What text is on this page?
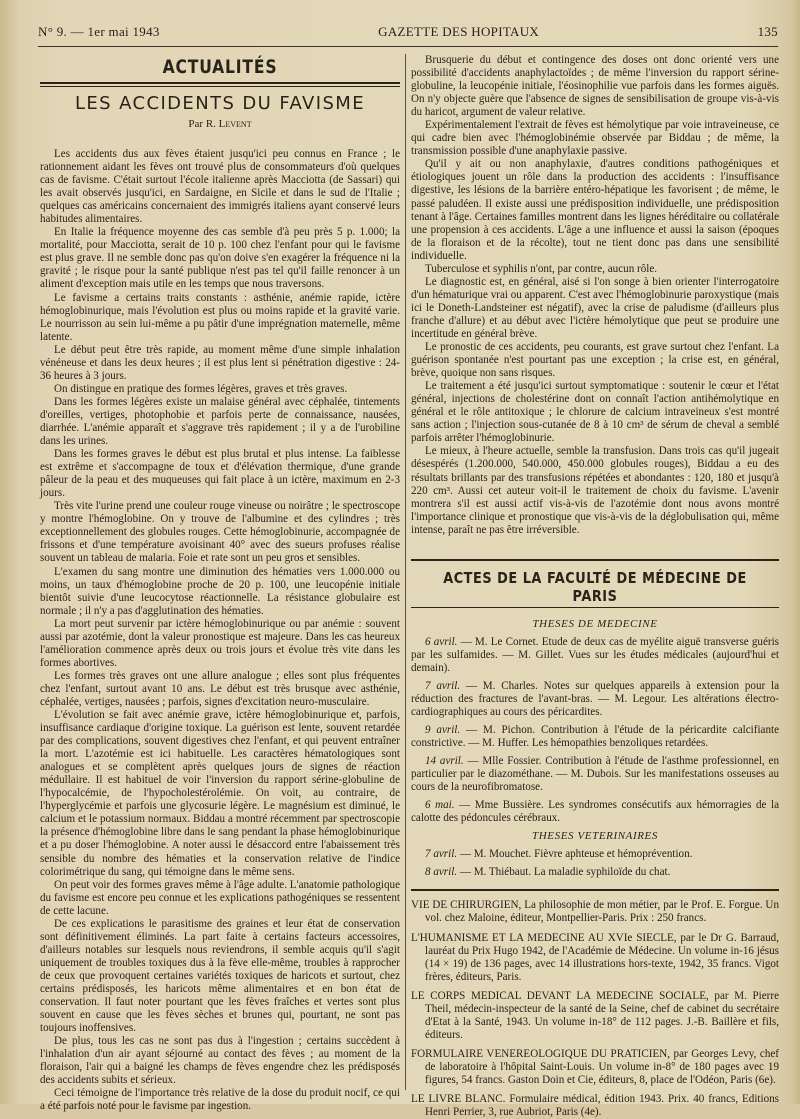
N° 9. — 1er mai 1943	GAZETTE DES HOPITAUX	135
ACTUALITÉS
LES ACCIDENTS DU FAVISME
Par R. Levent

Les accidents dus aux fèves étaient jusqu'ici peu connus en France ; le rationnement aidant les fèves ont trouvé plus de consommateurs d'où quelques cas de favisme. C'était surtout l'école italienne après Macciotta (de Sassari) qui les avait observés jusqu'ici, en Sardaigne, en Sicile et dans le sud de l'Italie ; quelques cas américains concernaient des immigrés italiens ayant conservé leurs habitudes alimentaires.

En Italie la fréquence moyenne des cas semble d'à peu près 5 p. 1.000; la mortalité, pour Macciotta, serait de 10 p. 100 chez l'enfant pour qui le favisme est plus grave. Il ne semble donc pas qu'on doive s'en exagérer la fréquence ni la gravité ; le risque pour la santé publique n'est pas tel qu'il faille renoncer à un aliment d'exception mais utile en les temps que nous traversons.

Le favisme a certains traits constants : asthénie, anémie rapide, ictère hémoglobinurique, mais l'évolution est plus ou moins rapide et la gravité varie. Le nourrisson au sein lui-même a pu pâtir d'une imprégnation maternelle, même latente.

Le début peut être très rapide, au moment même d'une simple inhalation vénéneuse et dans les deux heures ; il est plus lent si pénétration digestive : 24-36 heures à 3 jours.

On distingue en pratique des formes légères, graves et très graves.

Dans les formes légères existe un malaise général avec céphalée, tintements d'oreilles, vertiges, photophobie et parfois perte de connaissance, nausées, diarrhée. L'anémie apparaît et s'aggrave très rapidement ; il y a de l'urobiline dans les urines.

Dans les formes graves le début est plus brutal et plus intense. La faiblesse est extrême et s'accompagne de toux et d'élévation thermique, d'une grande pâleur de la peau et des muqueuses qui fait place à un ictère, maximum en 2-3 jours.

Très vite l'urine prend une couleur rouge vineuse ou noirâtre ; le spectroscope y montre l'hémoglobine. On y trouve de l'albumine et des cylindres ; très exceptionnellement des globules rouges. Cette hémoglobinurie, accompagnée de frissons et d'une température avoisinant 40° avec des sueurs profuses réalise souvent un tableau de malaria. Foie et rate sont un peu gros et sensibles.

L'examen du sang montre une diminution des hématies vers 1.000.000 ou moins, un taux d'hémoglobine proche de 20 p. 100, une leucopénie initiale bientôt suivie d'une leucocytose réactionnelle. La résistance globulaire est normale ; il n'y a pas d'agglutination des hématies.

La mort peut survenir par ictère hémoglobinurique ou par anémie : souvent aussi par azotémie, dont la valeur pronostique est majeure. Dans les cas heureux l'amélioration commence après deux ou trois jours et évolue très vite dans les formes abortives.

Les formes très graves ont une allure analogue ; elles sont plus fréquentes chez l'enfant, surtout avant 10 ans. Le début est très brusque avec asthénie, céphalée, vertiges, nausées ; parfois, signes d'excitation neuro-musculaire.

L'évolution se fait avec anémie grave, ictère hémoglobinurique et, parfois, insuffisance cardiaque d'origine toxique. La guérison est lente, souvent retardée par des complications, souvent digestives chez l'enfant, et qui peuvent entraîner la mort. L'azotémie est ici habituelle. Les caractères hématologiques sont analogues et se complètent après quelques jours de signes de réaction médullaire. Il est habituel de voir l'inversion du rapport sérine-globuline de l'hypocalcémie, de l'hypocholestérolémie. On voit, au contraire, de l'hyperglycémie et parfois une glycosurie légère. Le magnésium est diminué, le calcium et le potassium normaux. Biddau a montré récemment par spectroscopie la présence d'hémoglobine libre dans le sang pendant la phase hémoglobinurique et a pu doser l'hémoglobine. A noter aussi le désaccord entre l'abaissement très sensible du nombre des hématies et la conservation relative de l'indice colorimétrique du sang, qui témoigne dans le même sens.

On peut voir des formes graves même à l'âge adulte. L'anatomie pathologique du favisme est encore peu connue et les explications pathogéniques se ressentent de cette lacune.

De ces explications le parasitisme des graines et leur état de conservation sont définitivement éliminés. La part faite à certains facteurs accessoires, d'ailleurs notables sur lesquels nous reviendrons, il semble acquis qu'il s'agit uniquement de troubles toxiques dus à la fève elle-même, troubles à rapprocher de ceux que provoquent certaines variétés toxiques de haricots et surtout, chez certains prédisposés, les haricots même alimentaires et en bon état de conservation. Il faut noter pourtant que les fèves fraîches et vertes sont plus souvent en cause que les fèves sèches et brunes qui, pourtant, ne sont pas toujours inoffensives.

De plus, tous les cas ne sont pas dus à l'ingestion ; certains succèdent à l'inhalation d'un air ayant séjourné au contact des fèves ; au moment de la floraison, l'air qui a baigné les champs de fèves engendre chez les prédisposés des accidents subits et sérieux.

Ceci témoigne de l'importance très relative de la dose du produit nocif, ce qui a été parfois noté pour le favisme par ingestion.

Brusquerie du début et contingence des doses ont donc orienté vers une possibilité d'accidents anaphylactoïdes ; de même l'inversion du rapport sérine-globuline, la leucopénie initiale, l'éosinophilie vue parfois dans les formes aiguës. On n'y objecte guère que l'absence de signes de sensibilisation de groupe vis-à-vis du haricot, argument de valeur relative.

Expérimentalement l'extrait de fèves est hémolytique par voie intraveineuse, ce qui cadre bien avec l'hémoglobinémie observée par Biddau ; de même, la transmission possible d'une anaphylaxie passive.

Qu'il y ait ou non anaphylaxie, d'autres conditions pathogéniques et étiologiques jouent un rôle dans la production des accidents : l'insuffisance digestive, les lésions de la barrière entéro-hépatique les favorisent ; de même, le passé paludéen. Il existe aussi une prédisposition individuelle, une prédisposition tenant à l'âge. Certaines familles montrent dans les lignes héréditaire ou collatérale une propension à ces accidents. L'âge a une influence et aussi la saison (époques de la floraison et de la récolte), tout ne tient donc pas dans une sensibilité individuelle.

Tuberculose et syphilis n'ont, par contre, aucun rôle.

Le diagnostic est, en général, aisé si l'on songe à bien orienter l'interrogatoire d'un hématurique vrai ou apparent. C'est avec l'hémoglobinurie paroxystique (mais ici le Doneth-Landsteiner est négatif), avec la crise de paludisme (d'ailleurs plus franche d'allure) et au début avec l'ictère hémolytique que peut se produire une incertitude en général brève.

Le pronostic de ces accidents, peu courants, est grave surtout chez l'enfant. La guérison spontanée n'est pourtant pas une exception ; la crise est, en général, brève, quoique non sans risques.

Le traitement a été jusqu'ici surtout symptomatique : soutenir le cœur et l'état général, injections de cholestérine dont on connaît l'action antihémolytique en général et le rôle antitoxique ; le chlorure de calcium intraveineux s'est montré sans action ; l'injection sous-cutanée de 8 à 10 cm³ de sérum de cheval a semblé parfois arrêter l'hémoglobinurie.

Le mieux, à l'heure actuelle, semble la transfusion. Dans trois cas qu'il jugeait désespérés (1.200.000, 540.000, 450.000 globules rouges), Biddau a eu des résultats brillants par des transfusions répétées et abondantes : 120, 180 et jusqu'à 220 cm³. Aussi cet auteur voit-il le traitement de choix du favisme. L'avenir montrera s'il est aussi actif vis-à-vis de l'azotémie dont nous avons montré l'importance clinique et pronostique que vis-à-vis de la déglobulisation qui, même intense, paraît ne pas être irréversible.

ACTES DE LA FACULTÉ DE MÉDECINE DE PARIS
THESES DE MEDECINE
6 avril. — M. Le Cornet. Etude de deux cas de myélite aiguë transverse guéris par les sulfamides. — M. Gillet. Vues sur les études médicales (aujourd'hui et demain).
7 avril. — M. Charles. Notes sur quelques appareils à extension pour la réduction des fractures de l'avant-bras. — M. Legour. Les altérations électro-cardiographiques au cours des péricardites.
9 avril. — M. Pichon. Contribution à l'étude de la péricardite calcifiante constrictive. — M. Huffer. Les hémopathies benzoliques retardées.
14 avril. — Mlle Fossier. Contribution à l'étude de l'asthme professionnel, en particulier par le diazométhane. — M. Dubois. Sur les manifestations osseuses au cours de la neurofibromatose.
6 mai. — Mme Bussière. Les syndromes consécutifs aux hémorragies de la calotte des pédoncules cérébraux.
THESES VETERINAIRES
7 avril. — M. Mouchet. Fièvre aphteuse et hémoprévention.
8 avril. — M. Thiébaut. La maladie syphiloïde du chat.
VIE DE CHIRURGIEN, La philosophie de mon métier, par le Prof. E. Forgue. Un vol. chez Maloine, éditeur, Montpellier-Paris. Prix : 250 francs.
L'HUMANISME ET LA MEDECINE AU XVIe SIECLE, par le Dr G. Barraud, lauréat du Prix Hugo 1942, de l'Académie de Médecine. Un volume in-16 jésus (14 × 19) de 136 pages, avec 14 illustrations hors-texte, 1942, 35 francs. Vigot frères, éditeurs, Paris.
LE CORPS MEDICAL DEVANT LA MEDECINE SOCIALE, par M. Pierre Theil, médecin-inspecteur de la santé de la Seine, chef de cabinet du secrétaire d'Etat à la Santé, 1943. Un volume in-18° de 112 pages. J.-B. Baillère et fils, éditeurs.
FORMULAIRE VENEREOLOGIQUE DU PRATICIEN, par Georges Levy, chef de laboratoire à l'hôpital Saint-Louis. Un volume in-8° de 180 pages avec 19 figures, 54 francs. Gaston Doin et Cie, éditeurs, 8, place de l'Odéon, Paris (6e).
LE LIVRE BLANC. Formulaire médical, édition 1943. Prix. 40 francs, Editions Henri Perrier, 3, rue Aubriot, Paris (4e).
